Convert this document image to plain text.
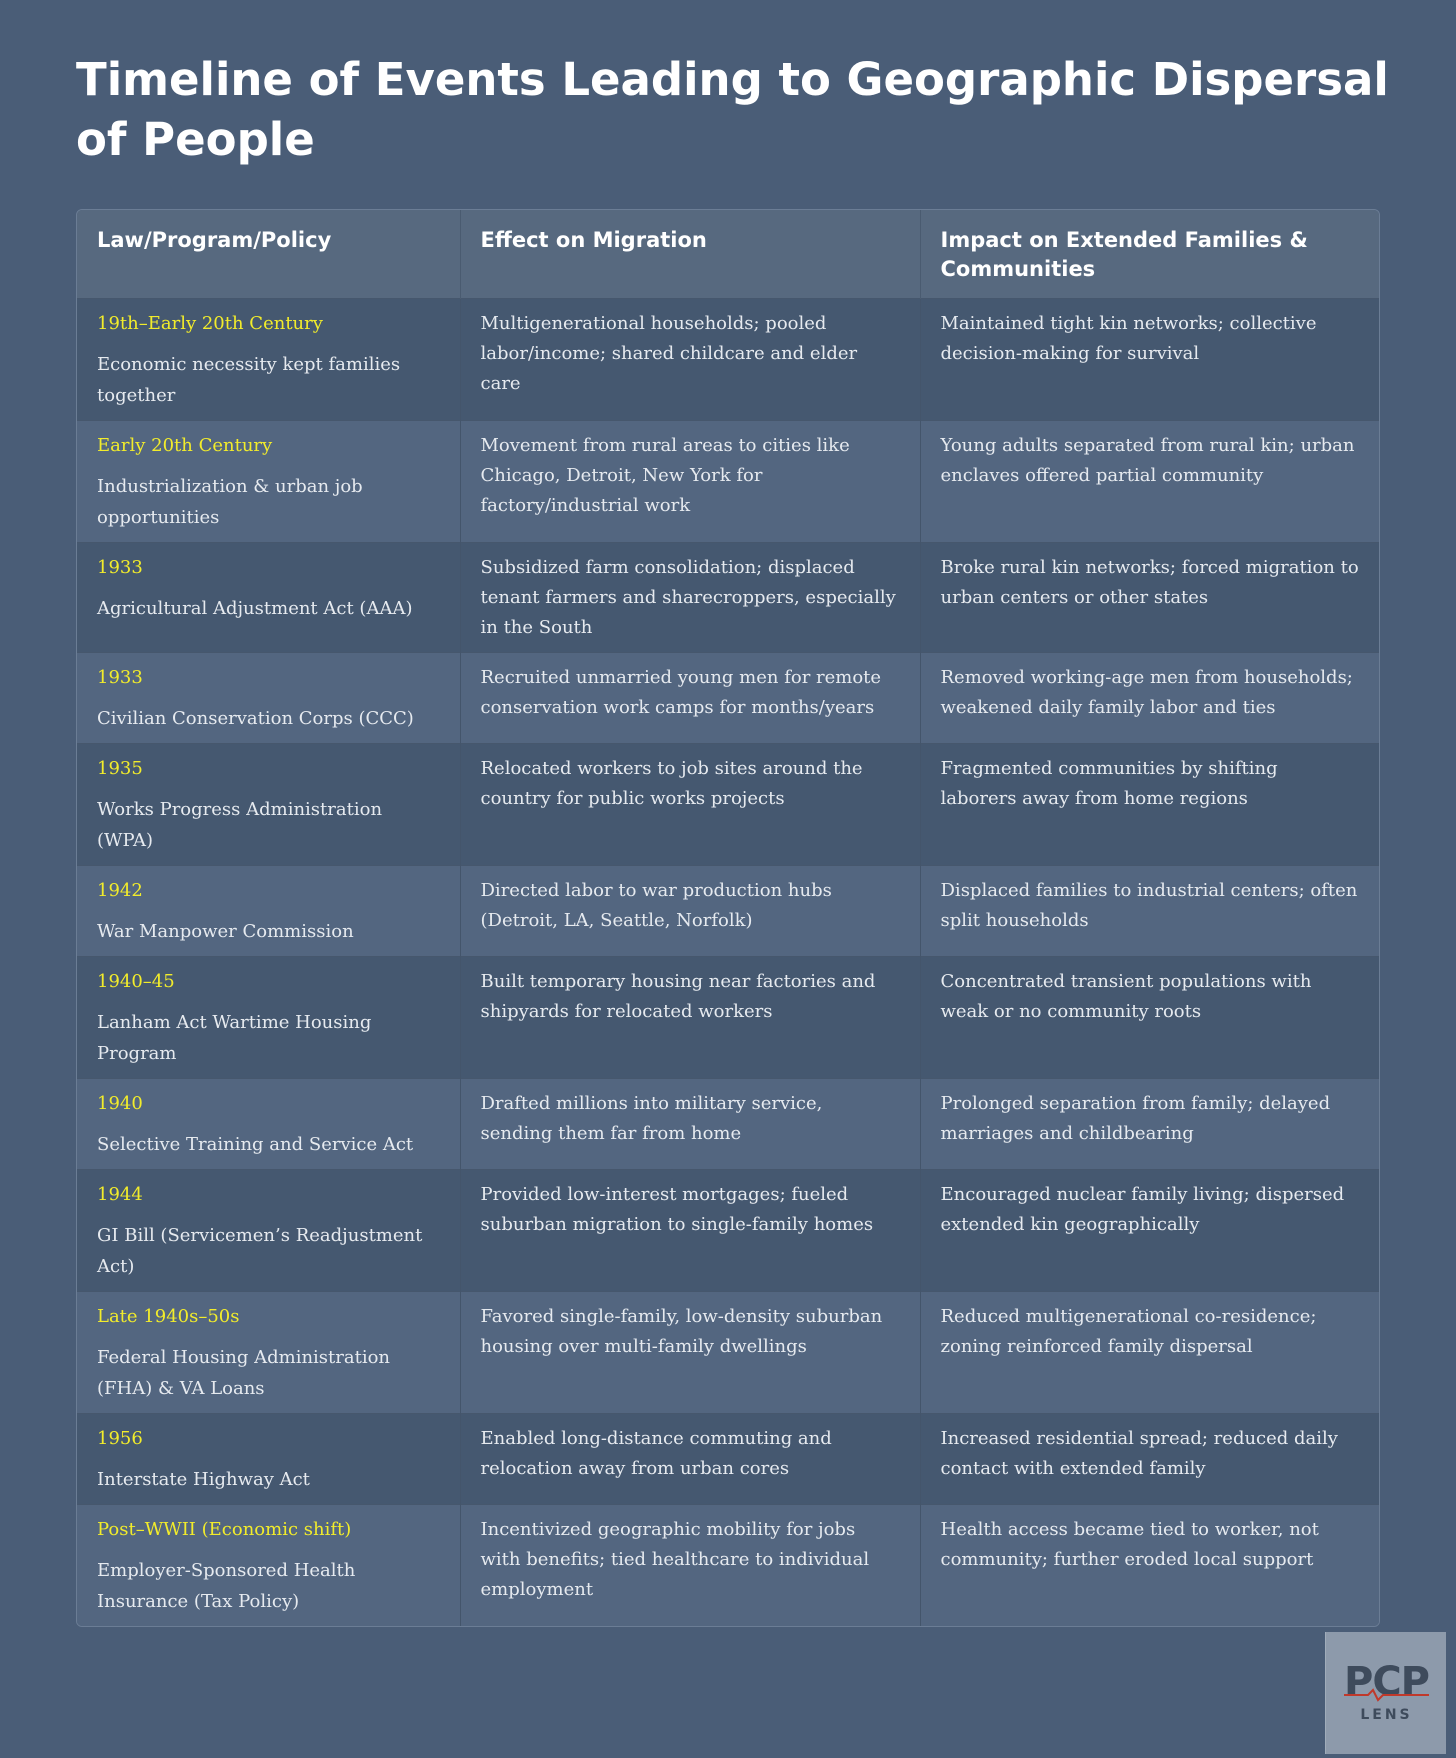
Timeline of Events Leading to Geographic Dispersal of People
Law/Program/Policy	Effect on Migration	Impact on Extended Families & Communities

19th–Early 20th Century
Economic necessity kept families together	Multigenerational households; pooled labor/income; shared childcare and elder care	Maintained tight kin networks; collective decision-making for survival

Early 20th Century
Industrialization & urban job opportunities	Movement from rural areas to cities like Chicago, Detroit, New York for factory/industrial work	Young adults separated from rural kin; urban enclaves offered partial community

1933
Agricultural Adjustment Act (AAA)	Subsidized farm consolidation; displaced tenant farmers and sharecroppers, especially in the South	Broke rural kin networks; forced migration to urban centers or other states

1933
Civilian Conservation Corps (CCC)	Recruited unmarried young men for remote conservation work camps for months/years	Removed working-age men from households; weakened daily family labor and ties

1935
Works Progress Administration (WPA)	Relocated workers to job sites around the country for public works projects	Fragmented communities by shifting laborers away from home regions

1942
War Manpower Commission	Directed labor to war production hubs (Detroit, LA, Seattle, Norfolk)	Displaced families to industrial centers; often split households

1940–45
Lanham Act Wartime Housing Program	Built temporary housing near factories and shipyards for relocated workers	Concentrated transient populations with weak or no community roots

1940
Selective Training and Service Act	Drafted millions into military service, sending them far from home	Prolonged separation from family; delayed marriages and childbearing

1944
GI Bill (Servicemen’s Readjustment Act)	Provided low-interest mortgages; fueled suburban migration to single-family homes	Encouraged nuclear family living; dispersed extended kin geographically

Late 1940s–50s
Federal Housing Administration (FHA) & VA Loans	Favored single-family, low-density suburban housing over multi-family dwellings	Reduced multigenerational co-residence; zoning reinforced family dispersal

1956
Interstate Highway Act	Enabled long-distance commuting and relocation away from urban cores	Increased residential spread; reduced daily contact with extended family

Post–WWII (Economic shift)
Employer-Sponsored Health Insurance (Tax Policy)	Incentivized geographic mobility for jobs with benefits; tied healthcare to individual employment	Health access became tied to worker, not community; further eroded local support
PCP
LENS
